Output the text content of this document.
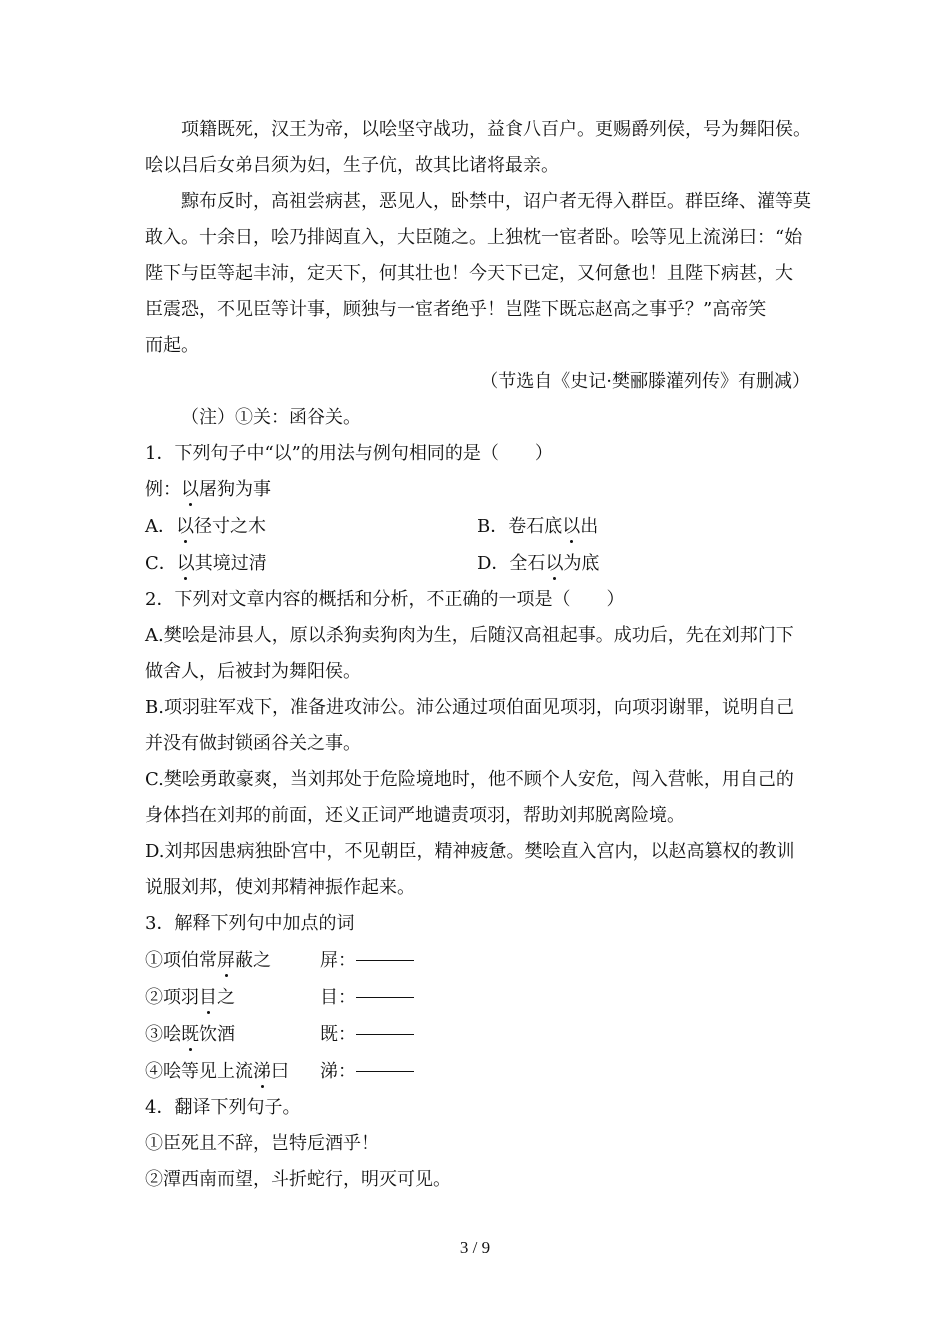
项籍既死，汉王为帝，以哙坚守战功，益食八百户。更赐爵列侯，号为舞阳侯。
哙以吕后女弟吕须为妇，生子伉，故其比诸将最亲。
黥布反时，高祖尝病甚，恶见人，卧禁中，诏户者无得入群臣。群臣绛、灌等莫
敢入。十余日，哙乃排闼直入，大臣随之。上独枕一宦者卧。哙等见上流涕曰：“始
陛下与臣等起丰沛，定天下，何其壮也！今天下已定，又何惫也！且陛下病甚，大
臣震恐，不见臣等计事，顾独与一宦者绝乎！岂陛下既忘赵高之事乎？”高帝笑
而起。
（节选自《史记·樊郦滕灌列传》有删减）
（注）①关：函谷关。
1．下列句子中“以”的用法与例句相同的是（　　）
例：以屠狗为事
A．以径寸之木	B．卷石底以出
C．以其境过清	D．全石以为底
2．下列对文章内容的概括和分析，不正确的一项是（　　）
A.樊哙是沛县人，原以杀狗卖狗肉为生，后随汉高祖起事。成功后，先在刘邦门下
做舍人，后被封为舞阳侯。
B.项羽驻军戏下，准备进攻沛公。沛公通过项伯面见项羽，向项羽谢罪，说明自己
并没有做封锁函谷关之事。
C.樊哙勇敢豪爽，当刘邦处于危险境地时，他不顾个人安危，闯入营帐，用自己的
身体挡在刘邦的前面，还义正词严地谴责项羽，帮助刘邦脱离险境。
D.刘邦因患病独卧宫中，不见朝臣，精神疲惫。樊哙直入宫内，以赵高篡权的教训
说服刘邦，使刘邦精神振作起来。
3．解释下列句中加点的词
①项伯常屏蔽之	屏：
②项羽目之	目：
③哙既饮酒	既：
④哙等见上流涕曰	涕：
4．翻译下列句子。
①臣死且不辞，岂特卮酒乎！
②潭西南而望，斗折蛇行，明灭可见。
3 / 9
